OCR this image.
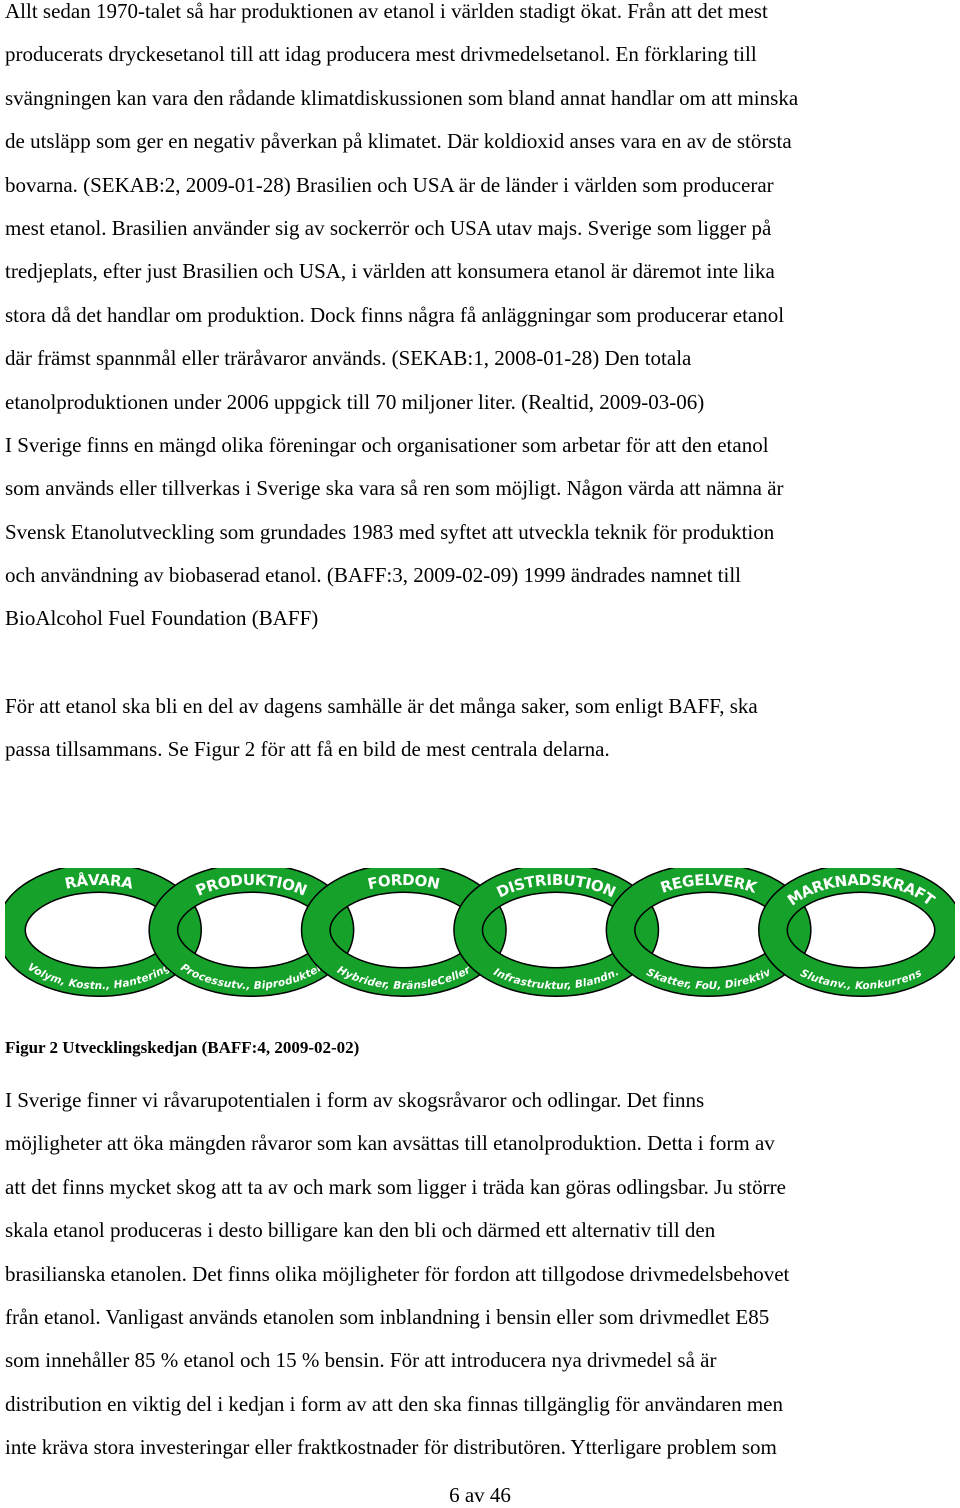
Allt sedan 1970-talet så har produktionen av etanol i världen stadigt ökat. Från att det mest
producerats dryckesetanol till att idag producera mest drivmedelsetanol. En förklaring till
svängningen kan vara den rådande klimatdiskussionen som bland annat handlar om att minska
de utsläpp som ger en negativ påverkan på klimatet. Där koldioxid anses vara en av de största
bovarna. (SEKAB:2, 2009-01-28) Brasilien och USA är de länder i världen som producerar
mest etanol. Brasilien använder sig av sockerrör och USA utav majs. Sverige som ligger på
tredjeplats, efter just Brasilien och USA, i världen att konsumera etanol är däremot inte lika
stora då det handlar om produktion. Dock finns några få anläggningar som producerar etanol
där främst spannmål eller träråvaror används. (SEKAB:1, 2008-01-28) Den totala
etanolproduktionen under 2006 uppgick till 70 miljoner liter. (Realtid, 2009-03-06)
I Sverige finns en mängd olika föreningar och organisationer som arbetar för att den etanol
som används eller tillverkas i Sverige ska vara så ren som möjligt. Någon värda att nämna är
Svensk Etanolutveckling som grundades 1983 med syftet att utveckla teknik för produktion
och användning av biobaserad etanol. (BAFF:3, 2009-02-09) 1999 ändrades namnet till
BioAlcohol Fuel Foundation (BAFF)
För att etanol ska bli en del av dagens samhälle är det många saker, som enligt BAFF, ska
passa tillsammans. Se Figur 2 för att få en bild de mest centrala delarna.
RÅVARA
Volym, Kostn., Hantering
PRODUKTION
Processutv., Biprodukter
FORDON
Hybrider, BränsleCeller
DISTRIBUTION
Infrastruktur, Blandn.
REGELVERK
Skatter, FoU, Direktiv
MARKNADSKRAFT
Slutanv., Konkurrens
Figur 2 Utvecklingskedjan (BAFF:4, 2009-02-02)
I Sverige finner vi råvarupotentialen i form av skogsråvaror och odlingar. Det finns
möjligheter att öka mängden råvaror som kan avsättas till etanolproduktion. Detta i form av
att det finns mycket skog att ta av och mark som ligger i träda kan göras odlingsbar. Ju större
skala etanol produceras i desto billigare kan den bli och därmed ett alternativ till den
brasilianska etanolen. Det finns olika möjligheter för fordon att tillgodose drivmedelsbehovet
från etanol. Vanligast används etanolen som inblandning i bensin eller som drivmedlet E85
som innehåller 85 % etanol och 15 % bensin. För att introducera nya drivmedel så är
distribution en viktig del i kedjan i form av att den ska finnas tillgänglig för användaren men
inte kräva stora investeringar eller fraktkostnader för distributören. Ytterligare problem som
6 av 46
